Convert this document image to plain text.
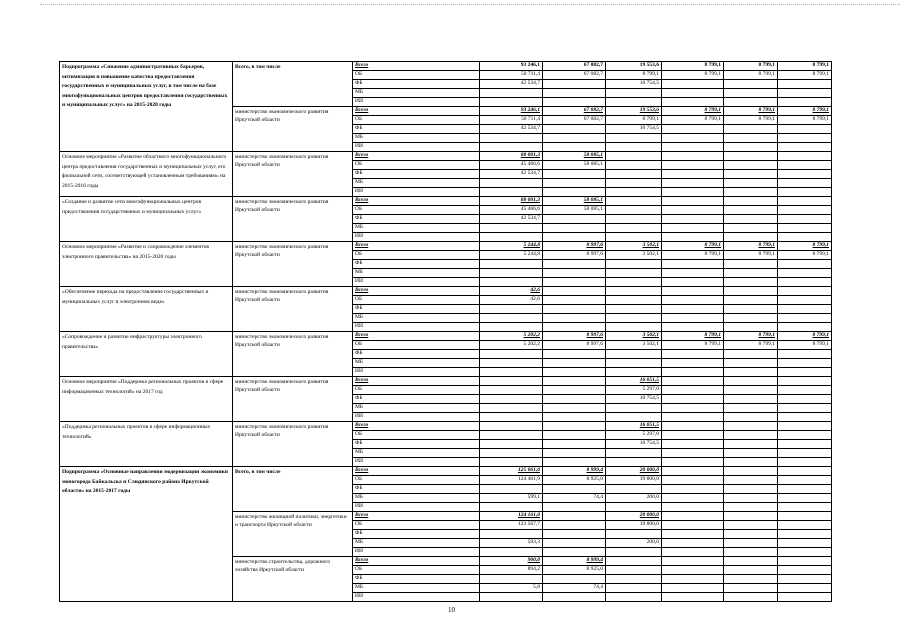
Подпрограмма «Снижение административных барьеров, оптимизация и повышение качества предоставления государственных и муниципальных услуг, в том числе на базе многофункциональных центров предоставления государственных и муниципальных услуг» на 2015-2020 годы	Всего, в том числе	Всего	93 246,1	67 082,7	19 553,6	8 799,1	8 799,1	8 799,1
		ОБ	50 711,4	67 082,7	8 799,1	8 799,1	8 799,1	8 799,1
		ФБ	42 534,7		10 754,5			
		МБ						
		ИИ						
	министерство экономического развития Иркутской области	Всего	93 246,1	67 082,7	19 553,6	8 799,1	8 799,1	8 799,1
		ОБ	50 711,4	67 082,7	8 799,1	8 799,1	8 799,1	8 799,1
		ФБ	42 534,7		10 754,5			
		МБ						
		ИИ						
Основное мероприятие «Развитие областного многофункционального центра предоставления государственных и муниципальных услуг, его филиальной сети, соответствующей установленным требованиям» на 2015-2016 годы	министерство экономического развития Иркутской области	Всего	88 001,3	58 085,1				
		ОБ	45 466,6	58 085,1				
		ФБ	42 534,7					
		МБ						
		ИИ						
«Создание и развитие сети многофункциональных центров предоставления государственных и муниципальных услуг»	министерство экономического развития Иркутской области	Всего	88 001,3	58 085,1				
		ОБ	45 466,6	58 085,1				
		ФБ	42 534,7					
		МБ						
		ИИ						
Основное мероприятие «Развитие и сопровождение элементов электронного правительства» на 2015-2020 годы	министерство экономического развития Иркутской области	Всего	5 244,8	8 997,6	3 502,1	8 799,1	8 799,1	8 799,1
		ОБ	5 244,8	8 997,6	3 502,1	8 799,1	8 799,1	8 799,1
		ФБ						
		МБ						
		ИИ						
«Обеспечение перехода на предоставление государственных и муниципальных услуг в электронном виде»	министерство экономического развития Иркутской области	Всего	42,6					
		ОБ	42,6					
		ФБ						
		МБ						
		ИИ						
«Сопровождение и развитие инфраструктуры электронного правительства»	министерство экономического развития Иркутской области	Всего	5 202,2	8 997,6	3 502,1	8 799,1	8 799,1	8 799,1
		ОБ	5 202,2	8 997,6	3 502,1	8 799,1	8 799,1	8 799,1
		ФБ						
		МБ						
		ИИ						
Основное мероприятие «Поддержка региональных проектов в сфере информационных технологий» на 2017 год	министерство экономического развития Иркутской области	Всего			16 051,5			
		ОБ			5 297,0			
		ФБ			10 754,5			
		МБ						
		ИИ						
«Поддержка региональных проектов в сфере информационных технологий»	министерство экономического развития Иркутской области	Всего			16 051,5			
		ОБ			5 297,0			
		ФБ			10 754,5			
		МБ						
		ИИ						
Подпрограмма «Основные направления модернизации экономики моногорода Байкальска и Слюдянского района Иркутской области» на 2015-2017 годы	Всего, в том числе	Всего	125 061,0	8 999,4	20 000,0			
		ОБ	124 461,9	8 925,0	19 800,0			
		ФБ						
		МБ	599,1	74,4	200,0			
		ИИ						
	министерство жилищной политики, энергетики и транспорта Иркутской области	Всего	124 161,0		20 000,0			
		ОБ	123 567,7		19 800,0			
		ФБ						
		МБ	593,3		200,0			
		ИИ						
	министерство строительства, дорожного хозяйства Иркутской области	Всего	900,0	8 999,4				
		ОБ	894,2	8 925,0				
		ФБ						
		МБ	5,8	74,4				
		ИИ						
10
